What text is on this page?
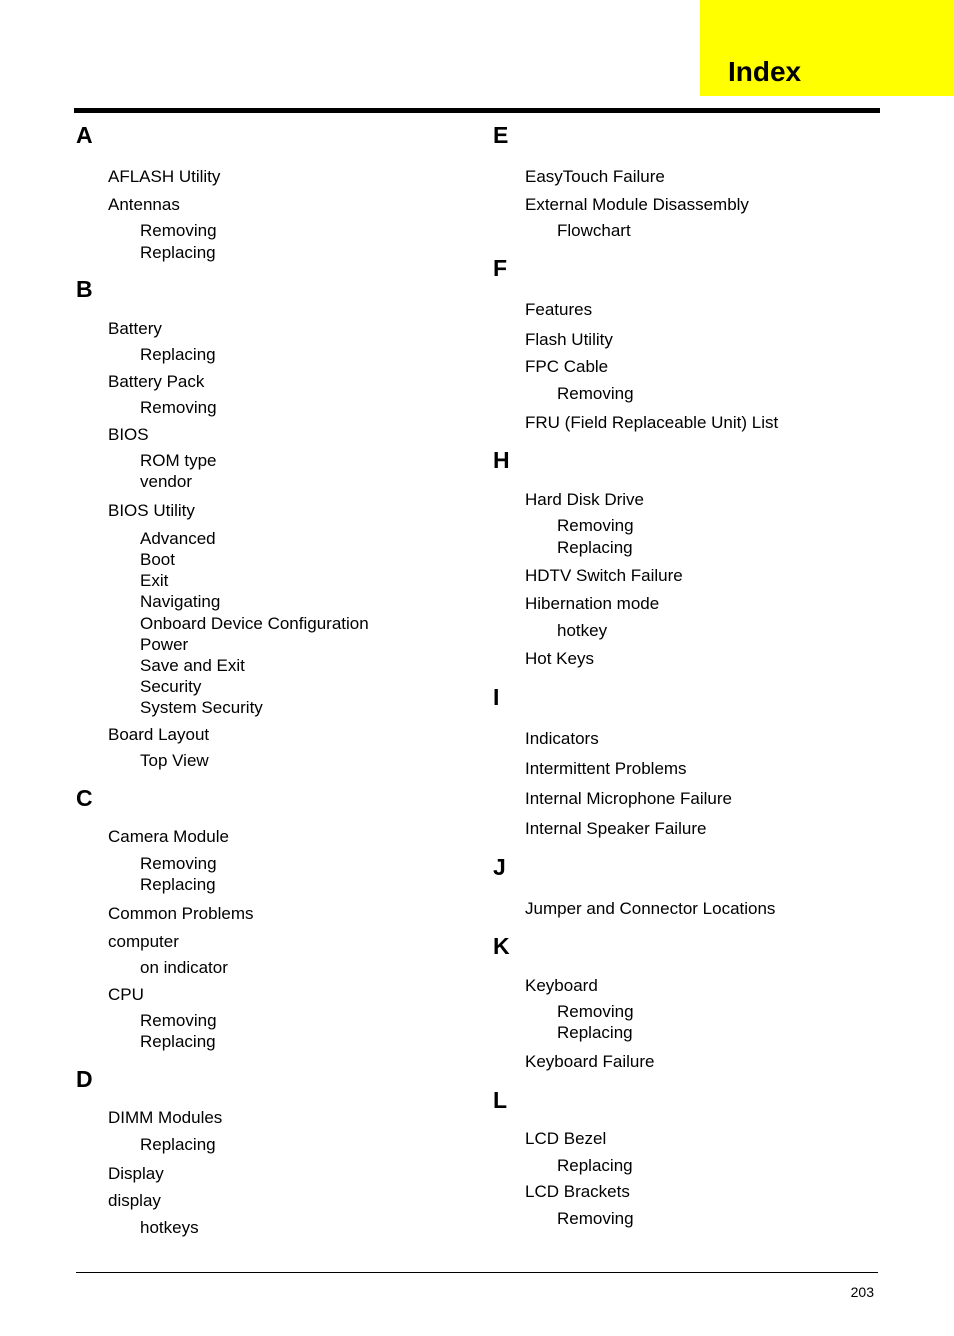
Index
A
AFLASH Utility
Antennas
Removing
Replacing
B
Battery
Replacing
Battery Pack
Removing
BIOS
ROM type
vendor
BIOS Utility
Advanced
Boot
Exit
Navigating
Onboard Device Configuration
Power
Save and Exit
Security
System Security
Board Layout
Top View
C
Camera Module
Removing
Replacing
Common Problems
computer
on indicator
CPU
Removing
Replacing
D
DIMM Modules
Replacing
Display
display
hotkeys
E
EasyTouch Failure
External Module Disassembly
Flowchart
F
Features
Flash Utility
FPC Cable
Removing
FRU (Field Replaceable Unit) List
H
Hard Disk Drive
Removing
Replacing
HDTV Switch Failure
Hibernation mode
hotkey
Hot Keys
I
Indicators
Intermittent Problems
Internal Microphone Failure
Internal Speaker Failure
J
Jumper and Connector Locations
K
Keyboard
Removing
Replacing
Keyboard Failure
L
LCD Bezel
Replacing
LCD Brackets
Removing
203
